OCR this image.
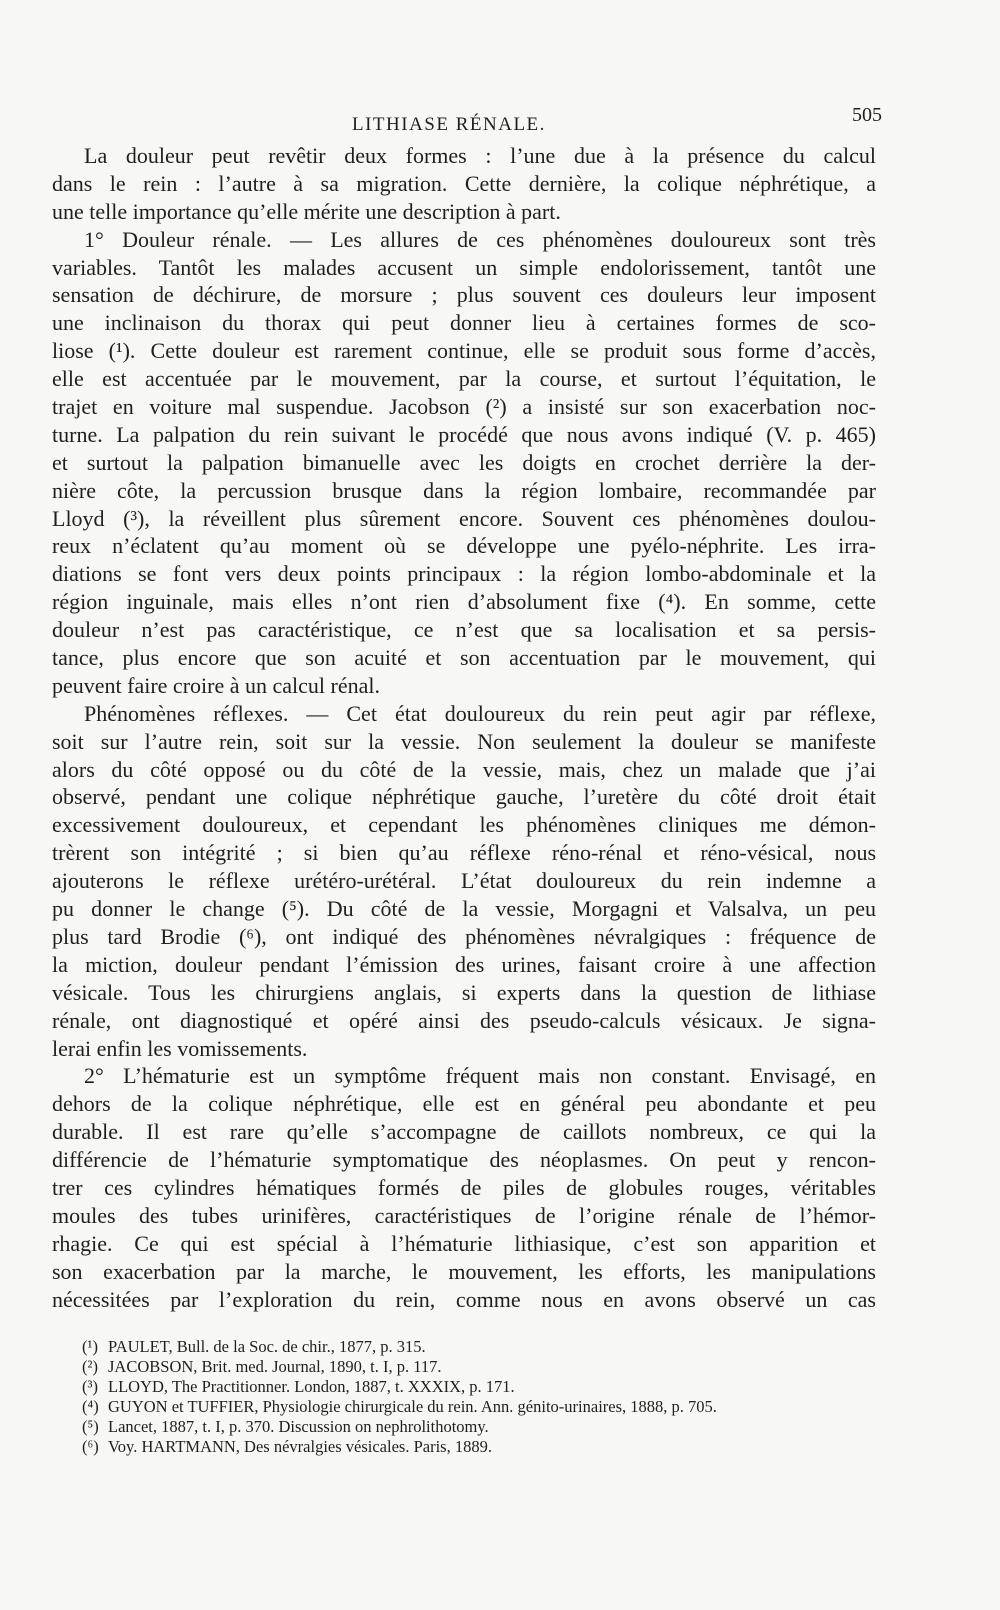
LITHIASE RÉNALE.	505
La douleur peut revêtir deux formes : l’une due à la présence du calcul
dans le rein : l’autre à sa migration. Cette dernière, la colique néphrétique, a
une telle importance qu’elle mérite une description à part.
1° Douleur rénale. — Les allures de ces phénomènes douloureux sont très
variables. Tantôt les malades accusent un simple endolorissement, tantôt une
sensation de déchirure, de morsure ; plus souvent ces douleurs leur imposent
une inclinaison du thorax qui peut donner lieu à certaines formes de sco-
liose (¹). Cette douleur est rarement continue, elle se produit sous forme d’accès,
elle est accentuée par le mouvement, par la course, et surtout l’équitation, le
trajet en voiture mal suspendue. Jacobson (²) a insisté sur son exacerbation noc-
turne. La palpation du rein suivant le procédé que nous avons indiqué (V. p. 465)
et surtout la palpation bimanuelle avec les doigts en crochet derrière la der-
nière côte, la percussion brusque dans la région lombaire, recommandée par
Lloyd (³), la réveillent plus sûrement encore. Souvent ces phénomènes doulou-
reux n’éclatent qu’au moment où se développe une pyélo-néphrite. Les irra-
diations se font vers deux points principaux : la région lombo-abdominale et la
région inguinale, mais elles n’ont rien d’absolument fixe (⁴). En somme, cette
douleur n’est pas caractéristique, ce n’est que sa localisation et sa persis-
tance, plus encore que son acuité et son accentuation par le mouvement, qui
peuvent faire croire à un calcul rénal.
Phénomènes réflexes. — Cet état douloureux du rein peut agir par réflexe,
soit sur l’autre rein, soit sur la vessie. Non seulement la douleur se manifeste
alors du côté opposé ou du côté de la vessie, mais, chez un malade que j’ai
observé, pendant une colique néphrétique gauche, l’uretère du côté droit était
excessivement douloureux, et cependant les phénomènes cliniques me démon-
trèrent son intégrité ; si bien qu’au réflexe réno-rénal et réno-vésical, nous
ajouterons le réflexe urétéro-urétéral. L’état douloureux du rein indemne a
pu donner le change (⁵). Du côté de la vessie, Morgagni et Valsalva, un peu
plus tard Brodie (⁶), ont indiqué des phénomènes névralgiques : fréquence de
la miction, douleur pendant l’émission des urines, faisant croire à une affection
vésicale. Tous les chirurgiens anglais, si experts dans la question de lithiase
rénale, ont diagnostiqué et opéré ainsi des pseudo-calculs vésicaux. Je signa-
lerai enfin les vomissements.
2° L’hématurie est un symptôme fréquent mais non constant. Envisagé, en
dehors de la colique néphrétique, elle est en général peu abondante et peu
durable. Il est rare qu’elle s’accompagne de caillots nombreux, ce qui la
différencie de l’hématurie symptomatique des néoplasmes. On peut y rencon-
trer ces cylindres hématiques formés de piles de globules rouges, véritables
moules des tubes urinifères, caractéristiques de l’origine rénale de l’hémor-
rhagie. Ce qui est spécial à l’hématurie lithiasique, c’est son apparition et
son exacerbation par la marche, le mouvement, les efforts, les manipulations
nécessitées par l’exploration du rein, comme nous en avons observé un cas
(¹) PAULET, Bull. de la Soc. de chir., 1877, p. 315.
(²) JACOBSON, Brit. med. Journal, 1890, t. I, p. 117.
(³) LLOYD, The Practitionner. London, 1887, t. XXXIX, p. 171.
(⁴) GUYON et TUFFIER, Physiologie chirurgicale du rein. Ann. génito-urinaires, 1888, p. 705.
(⁵) Lancet, 1887, t. I, p. 370. Discussion on nephrolithotomy.
(⁶) Voy. HARTMANN, Des névralgies vésicales. Paris, 1889.
